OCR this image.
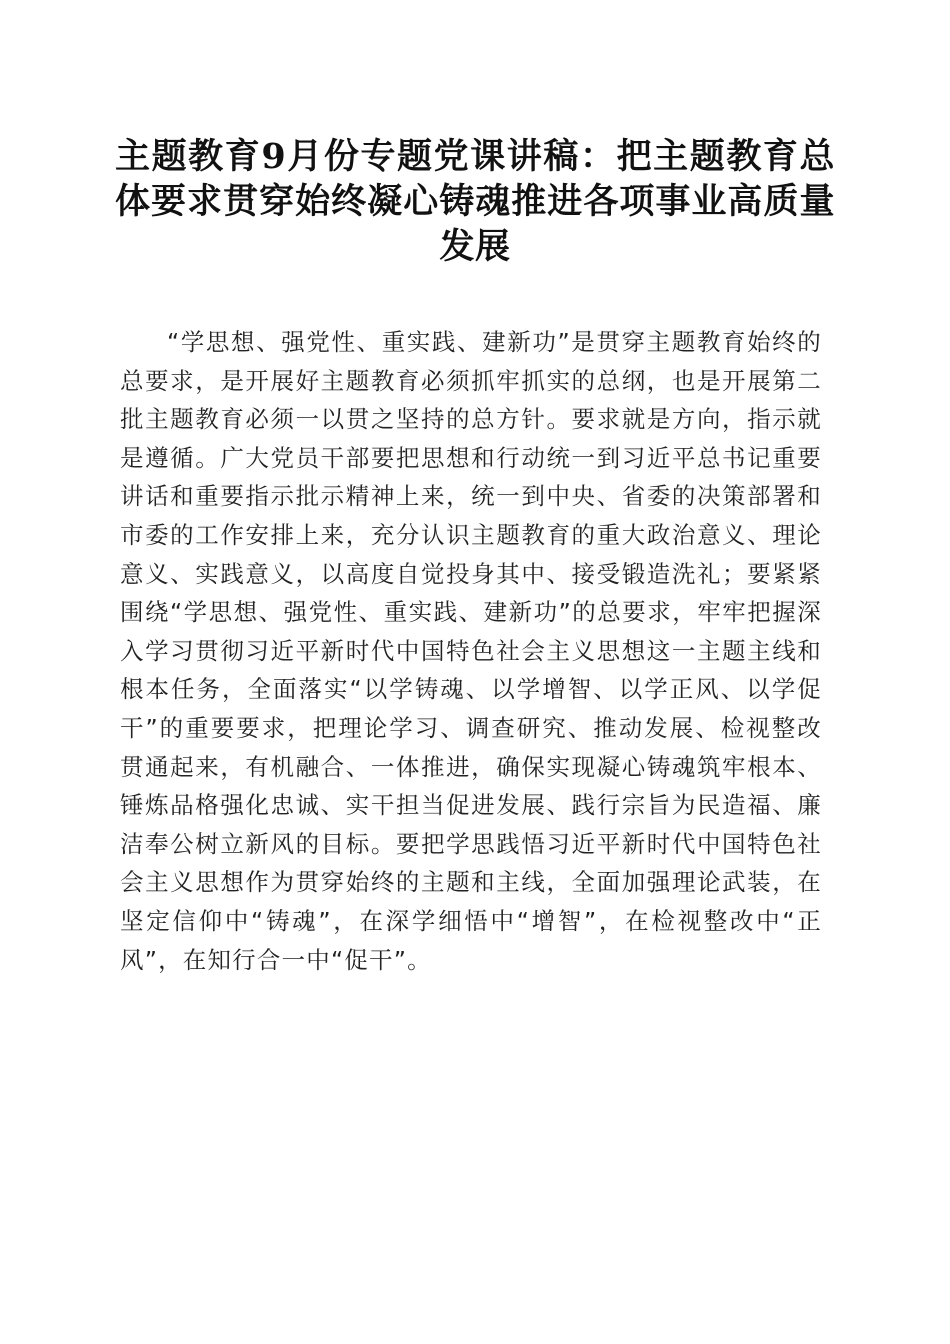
主题教育9月份专题党课讲稿：把主题教育总体要求贯穿始终凝心铸魂推进各项事业高质量发展

“学思想、强党性、重实践、建新功”是贯穿主题教育始终的总要求，是开展好主题教育必须抓牢抓实的总纲，也是开展第二批主题教育必须一以贯之坚持的总方针。要求就是方向，指示就是遵循。广大党员干部要把思想和行动统一到习近平总书记重要讲话和重要指示批示精神上来，统一到中央、省委的决策部署和市委的工作安排上来，充分认识主题教育的重大政治意义、理论意义、实践意义，以高度自觉投身其中、接受锻造洗礼；要紧紧围绕“学思想、强党性、重实践、建新功”的总要求，牢牢把握深入学习贯彻习近平新时代中国特色社会主义思想这一主题主线和根本任务，全面落实“以学铸魂、以学增智、以学正风、以学促干”的重要要求，把理论学习、调查研究、推动发展、检视整改贯通起来，有机融合、一体推进，确保实现凝心铸魂筑牢根本、锤炼品格强化忠诚、实干担当促进发展、践行宗旨为民造福、廉洁奉公树立新风的目标。要把学思践悟习近平新时代中国特色社会主义思想作为贯穿始终的主题和主线，全面加强理论武装，在坚定信仰中“铸魂”，在深学细悟中“增智”，在检视整改中“正风”，在知行合一中“促干”。
